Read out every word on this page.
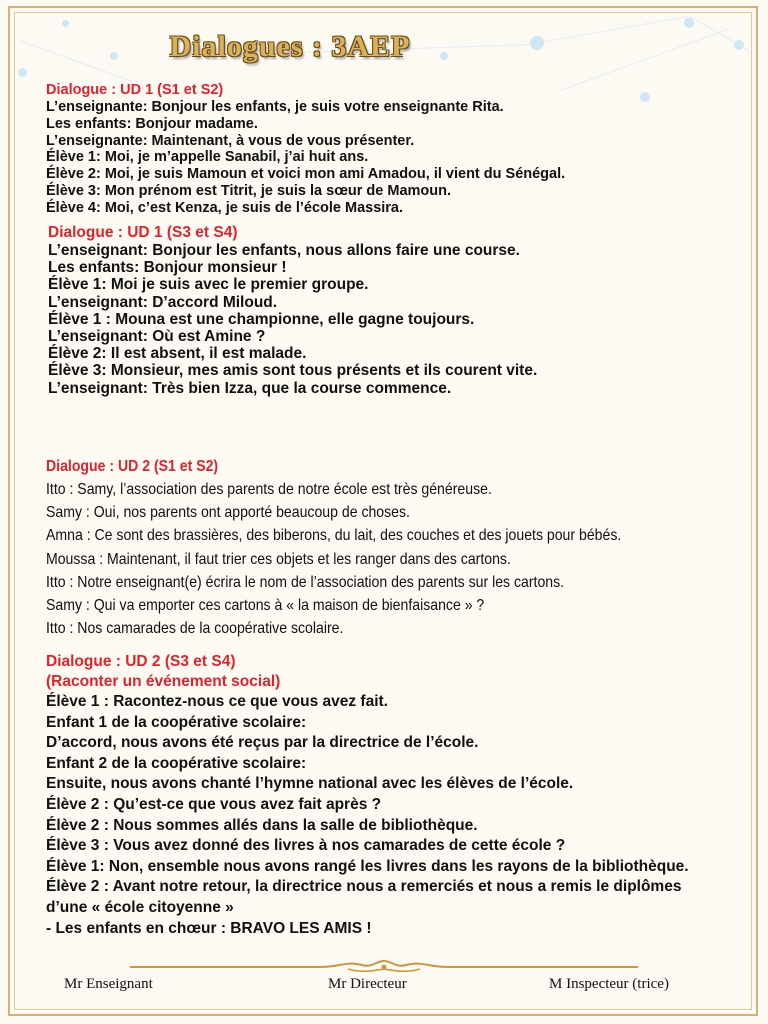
Dialogues : 3AEP
Dialogue : UD 1 (S1 et S2)
L’enseignante: Bonjour les enfants, je suis votre enseignante Rita.
Les enfants: Bonjour madame.
L’enseignante: Maintenant, à vous de vous présenter.
Élève 1: Moi, je m’appelle Sanabil, j’ai huit ans.
Élève 2: Moi, je suis Mamoun et voici mon ami Amadou, il vient du Sénégal.
Élève 3: Mon prénom est Titrit, je suis la sœur de Mamoun.
Élève 4: Moi, c’est Kenza, je suis de l’école Massira.
Dialogue : UD 1 (S3 et S4)
L’enseignant: Bonjour les enfants, nous allons faire une course.
Les enfants: Bonjour monsieur !
Élève 1: Moi je suis avec le premier groupe.
L’enseignant: D’accord Miloud.
Élève 1 : Mouna est une championne, elle gagne toujours.
L’enseignant: Où est Amine ?
Élève 2: Il est absent, il est malade.
Élève 3: Monsieur, mes amis sont tous présents et ils courent vite.
L’enseignant: Très bien Izza, que la course commence.
Dialogue : UD 2 (S1 et S2)
Itto : Samy, l’association des parents de notre école est très généreuse.
Samy : Oui, nos parents ont apporté beaucoup de choses.
Amna : Ce sont des brassières, des biberons, du lait, des couches et des jouets pour bébés.
Moussa : Maintenant, il faut trier ces objets et les ranger dans des cartons.
Itto : Notre enseignant(e) écrira le nom de l’association des parents sur les cartons.
Samy : Qui va emporter ces cartons à « la maison de bienfaisance » ?
Itto : Nos camarades de la coopérative scolaire.
Dialogue : UD 2 (S3 et S4)
(Raconter un événement social)
Élève 1 : Racontez-nous ce que vous avez fait.
Enfant 1 de la coopérative scolaire:
D’accord, nous avons été reçus par la directrice de l’école.
Enfant 2 de la coopérative scolaire:
Ensuite, nous avons chanté l’hymne national avec les élèves de l’école.
Élève 2 : Qu’est-ce que vous avez fait après ?
Élève 2 : Nous sommes allés dans la salle de bibliothèque.
Élève 3 : Vous avez donné des livres à nos camarades de cette école ?
Élève 1: Non, ensemble nous avons rangé les livres dans les rayons de la bibliothèque.
Élève 2 : Avant notre retour, la directrice nous a remerciés et nous a remis le diplômes
d’une « école citoyenne »
- Les enfants en chœur : BRAVO LES AMIS !
Mr Enseignant	Mr Directeur	M Inspecteur (trice)
